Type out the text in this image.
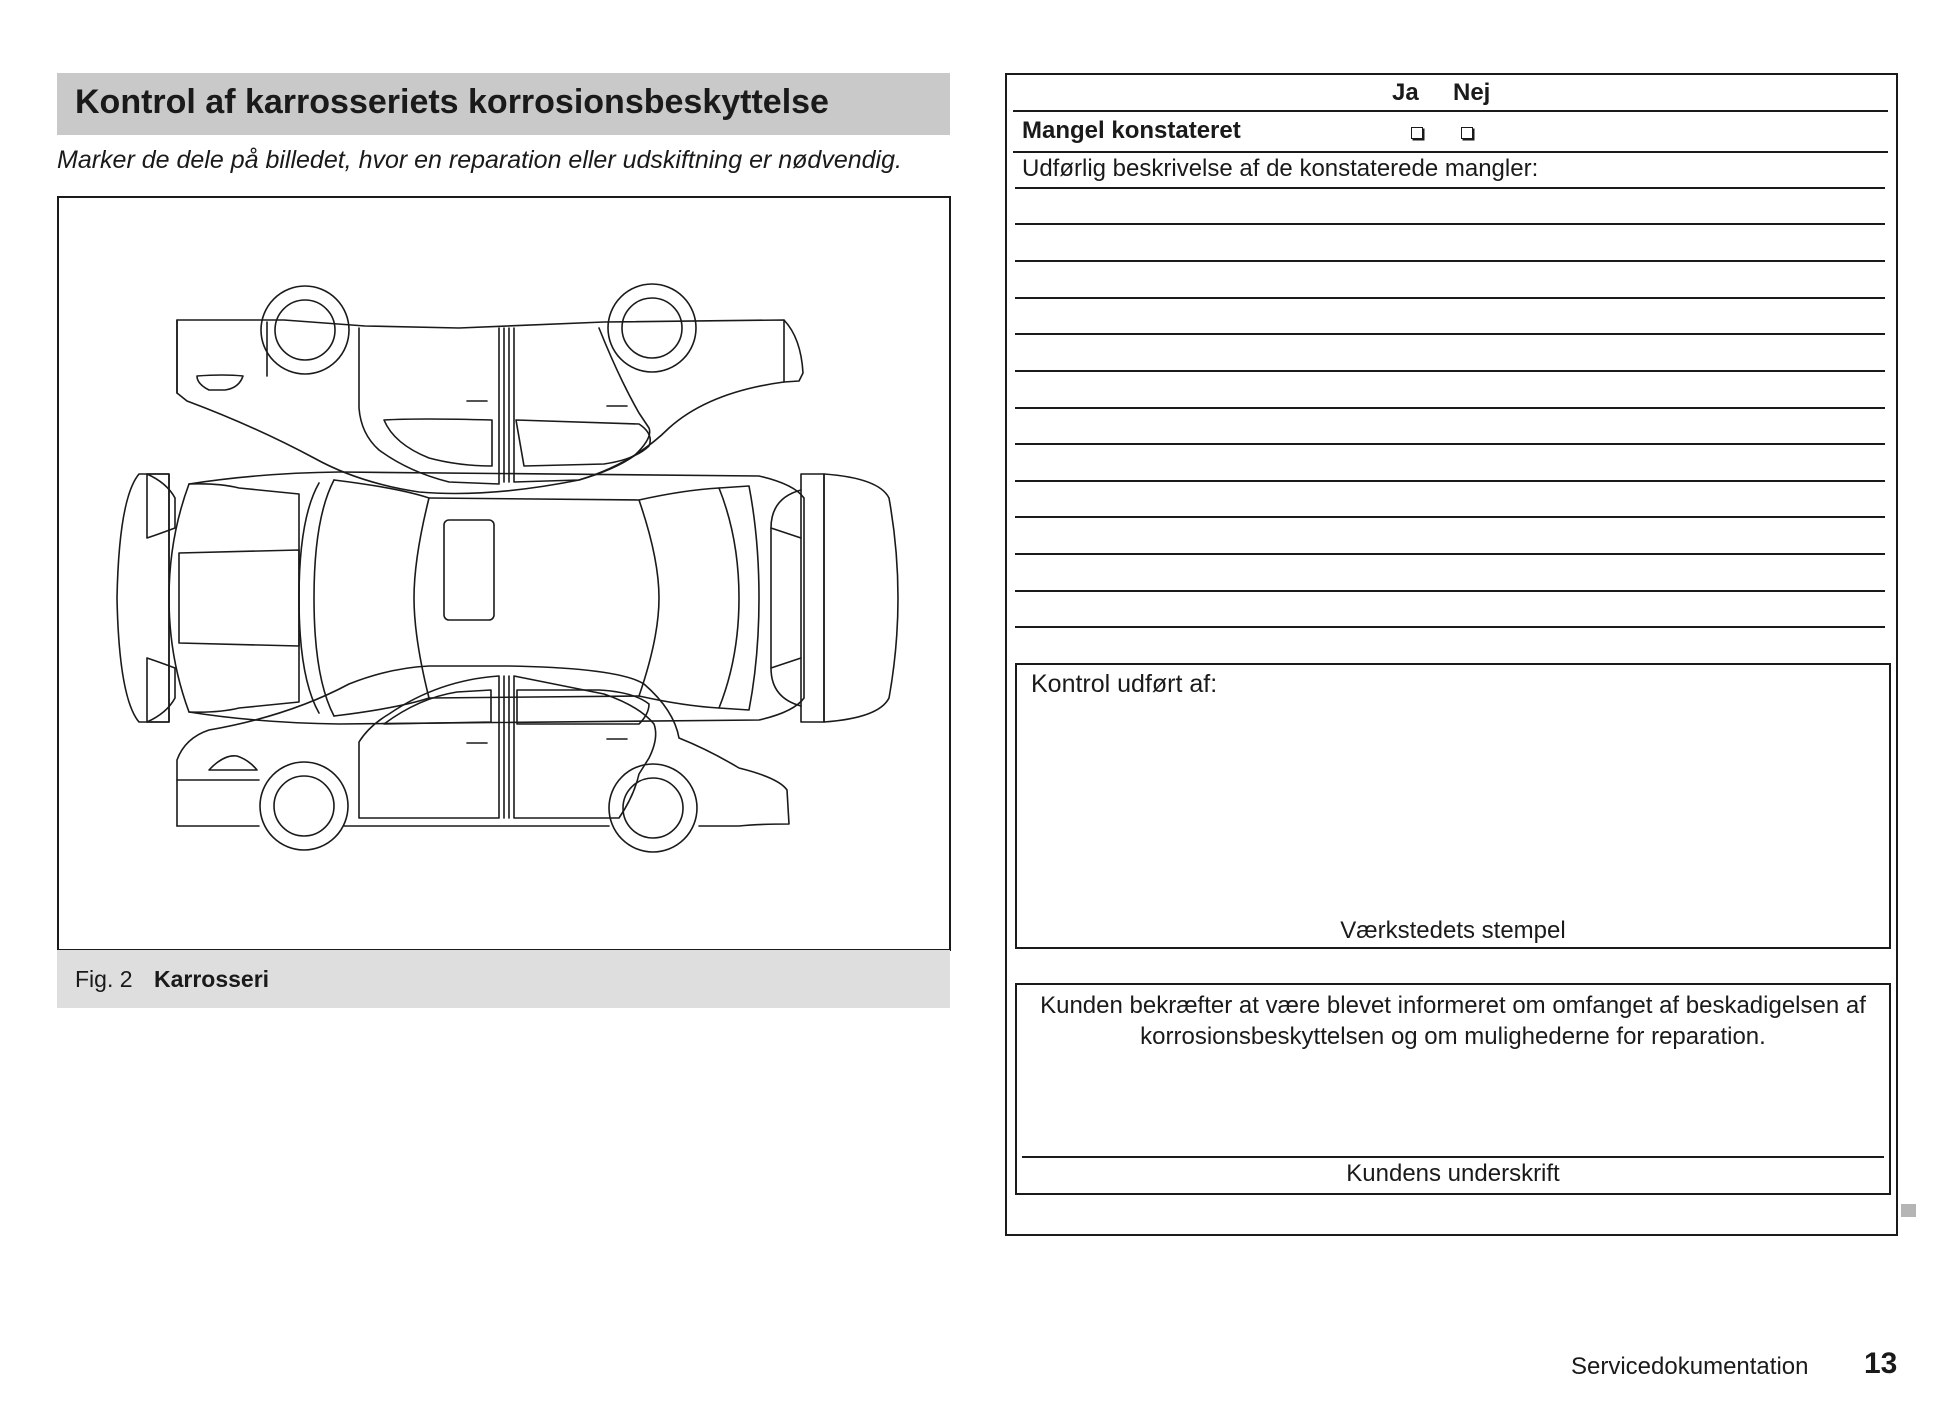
Kontrol af karrosseriets korrosionsbeskyttelse
Marker de dele på billedet, hvor en reparation eller udskiftning er nødvendig.
Fig. 2 Karrosseri
Ja Nej
Mangel konstateret
Udførlig beskrivelse af de konstaterede mangler:
Kontrol udført af:
Værkstedets stempel
Kunden bekræfter at være blevet informeret om omfanget af beskadigelsen af korrosionsbeskyttelsen og om mulighederne for reparation.
Kundens underskrift
Servicedokumentation 13
